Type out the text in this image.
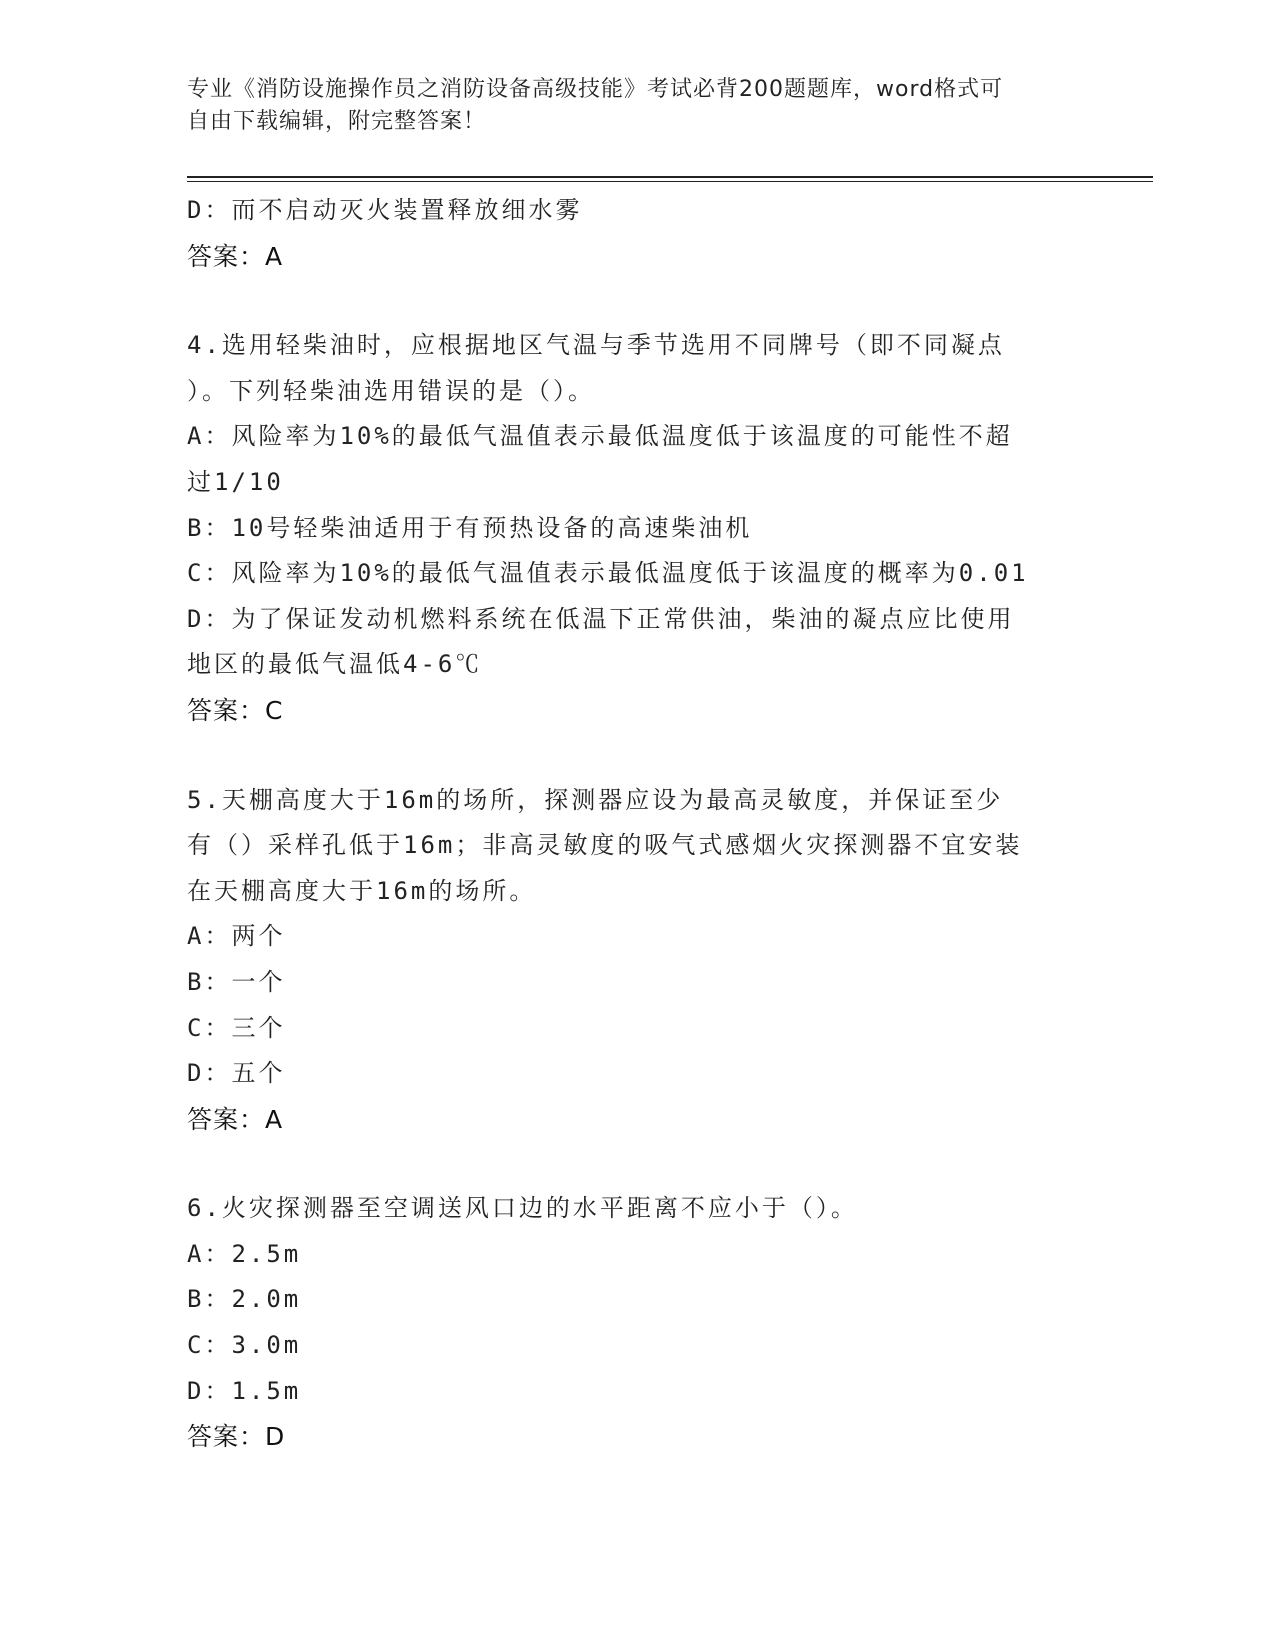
专业《消防设施操作员之消防设备高级技能》考试必背200题题库，word格式可
自由下载编辑，附完整答案！
D：而不启动灭火装置释放细水雾
答案：A
4.选用轻柴油时，应根据地区气温与季节选用不同牌号（即不同凝点
）。下列轻柴油选用错误的是（）。
A：风险率为10%的最低气温值表示最低温度低于该温度的可能性不超
过1/10
B：10号轻柴油适用于有预热设备的高速柴油机
C：风险率为10%的最低气温值表示最低温度低于该温度的概率为0.01
D：为了保证发动机燃料系统在低温下正常供油，柴油的凝点应比使用
地区的最低气温低4-6℃
答案：C
5.天棚高度大于16m的场所，探测器应设为最高灵敏度，并保证至少
有（）采样孔低于16m；非高灵敏度的吸气式感烟火灾探测器不宜安装
在天棚高度大于16m的场所。
A：两个
B：一个
C：三个
D：五个
答案：A
6.火灾探测器至空调送风口边的水平距离不应小于（）。
A：2.5m
B：2.0m
C：3.0m
D：1.5m
答案：D
